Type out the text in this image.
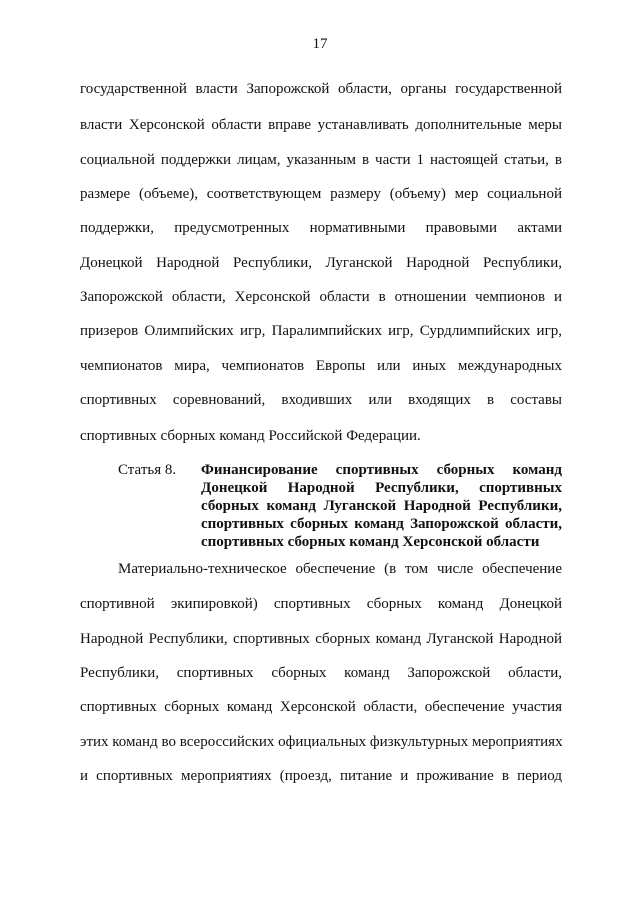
17
государственной власти Запорожской области, органы государственной
власти Херсонской области вправе устанавливать дополнительные меры
социальной поддержки лицам, указанным в части 1 настоящей статьи, в
размере (объеме), соответствующем размеру (объему) мер социальной
поддержки, предусмотренных нормативными правовыми актами
Донецкой Народной Республики, Луганской Народной Республики,
Запорожской области, Херсонской области в отношении чемпионов и
призеров Олимпийских игр, Паралимпийских игр, Сурдлимпийских игр,
чемпионатов мира, чемпионатов Европы или иных международных
спортивных соревнований, входивших или входящих в составы
спортивных сборных команд Российской Федерации.
Статья 8. Финансирование спортивных сборных команд
Донецкой Народной Республики, спортивных
сборных команд Луганской Народной Республики,
спортивных сборных команд Запорожской области,
спортивных сборных команд Херсонской области
Материально-техническое обеспечение (в том числе обеспечение
спортивной экипировкой) спортивных сборных команд Донецкой
Народной Республики, спортивных сборных команд Луганской Народной
Республики, спортивных сборных команд Запорожской области,
спортивных сборных команд Херсонской области, обеспечение участия
этих команд во всероссийских официальных физкультурных мероприятиях
и спортивных мероприятиях (проезд, питание и проживание в период
